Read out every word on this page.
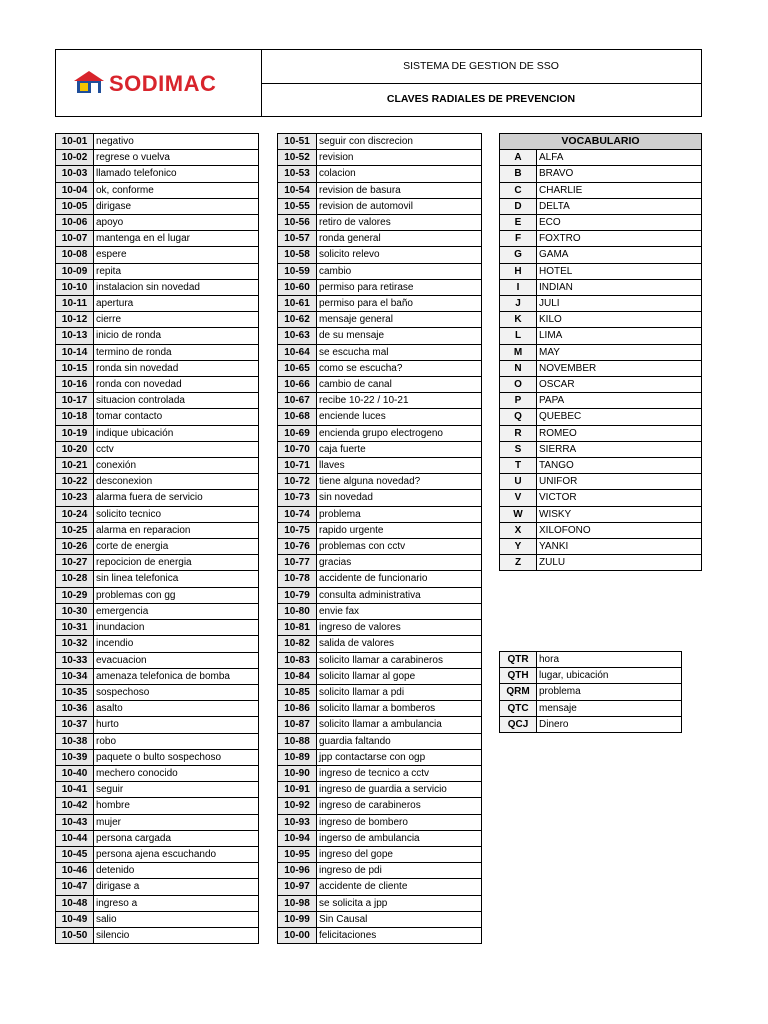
SODIMAC
SISTEMA DE GESTION DE SSO
CLAVES RADIALES DE PREVENCION
10-01	negativo
10-02	regrese o vuelva
10-03	llamado telefonico
10-04	ok, conforme
10-05	dirigase
10-06	apoyo
10-07	mantenga en el lugar
10-08	espere
10-09	repita
10-10	instalacion sin novedad
10-11	apertura
10-12	cierre
10-13	inicio de ronda
10-14	termino de ronda
10-15	ronda sin novedad
10-16	ronda con novedad
10-17	situacion controlada
10-18	tomar contacto
10-19	indique ubicación
10-20	cctv
10-21	conexión
10-22	desconexion
10-23	alarma fuera de servicio
10-24	solicito tecnico
10-25	alarma en reparacion
10-26	corte de energia
10-27	repocicion de energia
10-28	sin linea telefonica
10-29	problemas con gg
10-30	emergencia
10-31	inundacion
10-32	incendio
10-33	evacuacion
10-34	amenaza telefonica de bomba
10-35	sospechoso
10-36	asalto
10-37	hurto
10-38	robo
10-39	paquete o bulto sospechoso
10-40	mechero conocido
10-41	seguir
10-42	hombre
10-43	mujer
10-44	persona cargada
10-45	persona ajena escuchando
10-46	detenido
10-47	dirigase a
10-48	ingreso a
10-49	salio
10-50	silencio
10-51	seguir con discrecion
10-52	revision
10-53	colacion
10-54	revision de basura
10-55	revision de automovil
10-56	retiro de valores
10-57	ronda general
10-58	solicito relevo
10-59	cambio
10-60	permiso para retirase
10-61	permiso para el baño
10-62	mensaje general
10-63	de su mensaje
10-64	se escucha mal
10-65	como se escucha?
10-66	cambio de canal
10-67	recibe 10-22 / 10-21
10-68	enciende luces
10-69	encienda grupo electrogeno
10-70	caja fuerte
10-71	llaves
10-72	tiene alguna novedad?
10-73	sin novedad
10-74	problema
10-75	rapido urgente
10-76	problemas con cctv
10-77	gracias
10-78	accidente de funcionario
10-79	consulta administrativa
10-80	envie fax
10-81	ingreso de valores
10-82	salida de valores
10-83	solicito llamar a carabineros
10-84	solicito llamar al gope
10-85	solicito llamar a pdi
10-86	solicito llamar a bomberos
10-87	solicito llamar a ambulancia
10-88	guardia faltando
10-89	jpp contactarse con ogp
10-90	ingreso de tecnico a cctv
10-91	ingreso de guardia a servicio
10-92	ingreso de carabineros
10-93	ingreso de bombero
10-94	ingerso de ambulancia
10-95	ingreso del gope
10-96	ingreso de pdi
10-97	accidente de cliente
10-98	se solicita a jpp
10-99	Sin Causal
10-00	felicitaciones
VOCABULARIO	
A	ALFA
B	BRAVO
C	CHARLIE
D	DELTA
E	ECO
F	FOXTRO
G	GAMA
H	HOTEL
I	INDIAN
J	JULI
K	KILO
L	LIMA
M	MAY
N	NOVEMBER
O	OSCAR
P	PAPA
Q	QUEBEC
R	ROMEO
S	SIERRA
T	TANGO
U	UNIFOR
V	VICTOR
W	WISKY
X	XILOFONO
Y	YANKI
Z	ZULU
QTR	hora
QTH	lugar, ubicación
QRM	problema
QTC	mensaje
QCJ	Dinero
